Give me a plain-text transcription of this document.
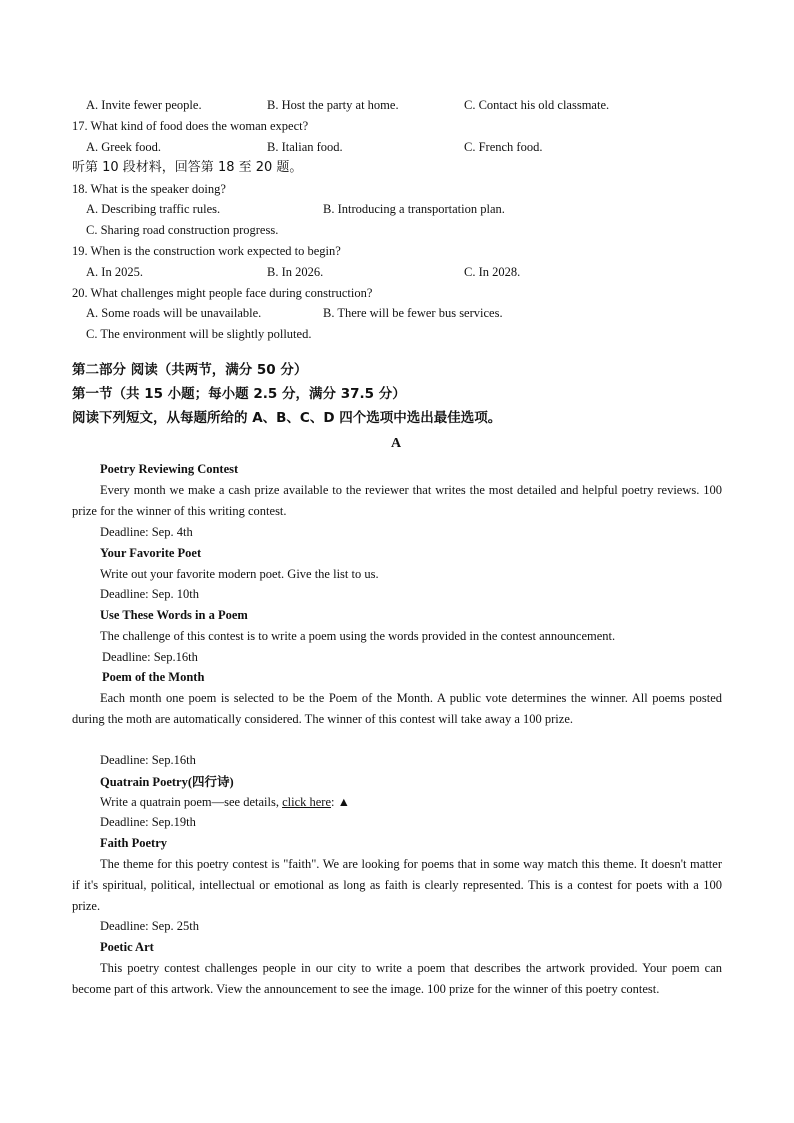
A. Invite fewer people.	B. Host the party at home.	C. Contact his old classmate.
17. What kind of food does the woman expect?
A. Greek food.	B. Italian food.	C. French food.
听第 10 段材料，回答第 18 至 20 题。
18. What is the speaker doing?
A. Describing traffic rules.	B. Introducing a transportation plan.
C. Sharing road construction progress.
19. When is the construction work expected to begin?
A. In 2025.	B. In 2026.	C. In 2028.
20. What challenges might people face during construction?
A. Some roads will be unavailable.	B. There will be fewer bus services.
C. The environment will be slightly polluted.
第二部分 阅读（共两节，满分 50 分）
第一节（共 15 小题；每小题 2.5 分，满分 37.5 分）
阅读下列短文，从每题所给的 A、B、C、D 四个选项中选出最佳选项。
A
Poetry Reviewing Contest

Every month we make a cash prize available to the reviewer that writes the most detailed and helpful poetry reviews. 100 prize for the winner of this writing contest.

Deadline: Sep. 4th
Your Favorite Poet
Write out your favorite modern poet. Give the list to us.
Deadline: Sep. 10th
Use These Words in a Poem
The challenge of this contest is to write a poem using the words provided in the contest announcement.
Deadline: Sep.16th
Poem of the Month

Each month one poem is selected to be the Poem of the Month. A public vote determines the winner. All poems posted during the moth are automatically considered. The winner of this contest will take away a 100 prize.

Deadline: Sep.16th
Quatrain Poetry(四行诗)
Write a quatrain poem—see details, click here: ▲
Deadline: Sep.19th
Faith Poetry

The theme for this poetry contest is "faith". We are looking for poems that in some way match this theme. It doesn't matter if it's spiritual, political, intellectual or emotional as long as faith is clearly represented. This is a contest for poets with a 100 prize.

Deadline: Sep. 25th
Poetic Art

This poetry contest challenges people in our city to write a poem that describes the artwork provided. Your poem can become part of this artwork. View the announcement to see the image. 100 prize for the winner of this poetry contest.
